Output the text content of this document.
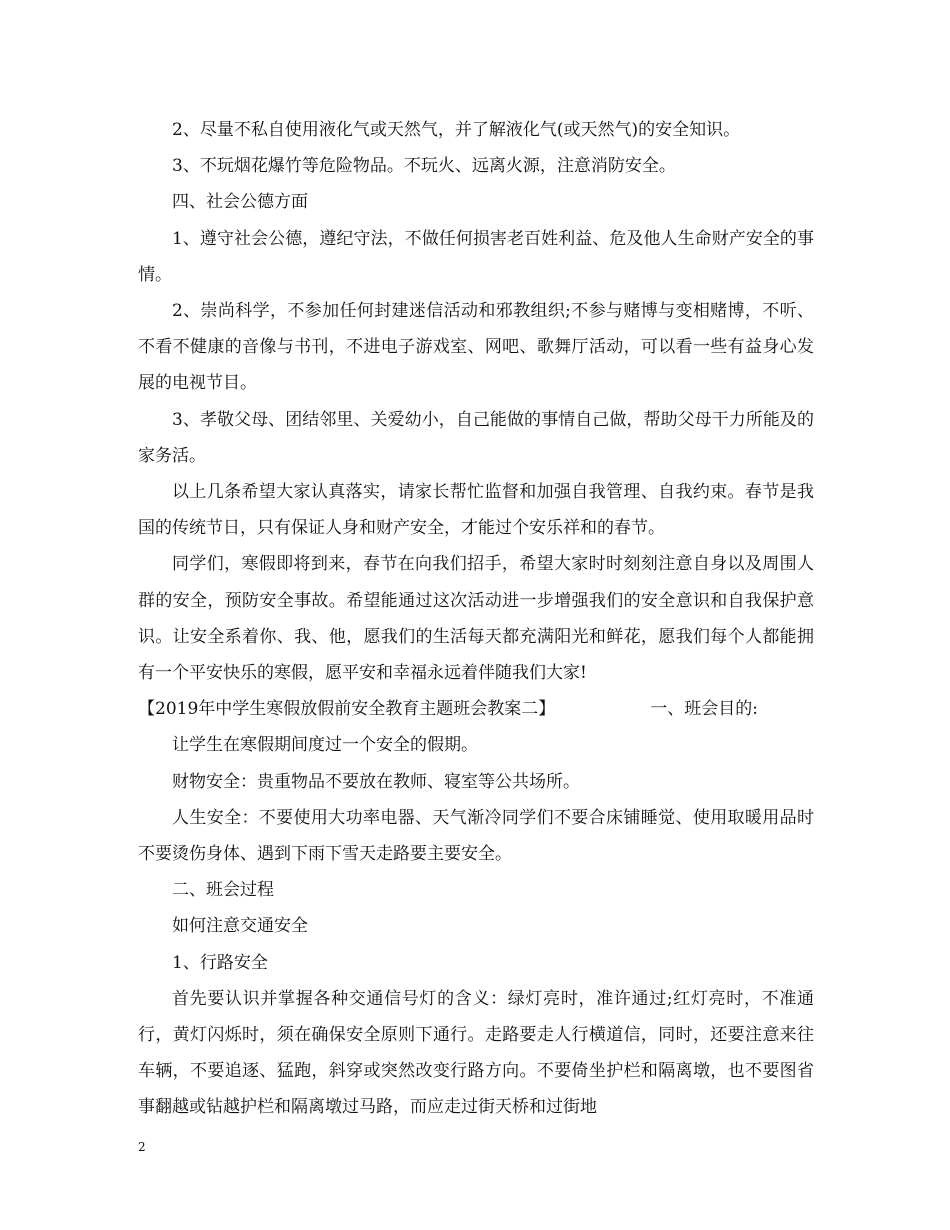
2、尽量不私自使用液化气或天然气，并了解液化气(或天然气)的安全知识。

3、不玩烟花爆竹等危险物品。不玩火、远离火源，注意消防安全。

四、社会公德方面

1、遵守社会公德，遵纪守法，不做任何损害老百姓利益、危及他人生命财产安全的事情。

2、崇尚科学，不参加任何封建迷信活动和邪教组织;不参与赌博与变相赌博，不听、不看不健康的音像与书刊，不进电子游戏室、网吧、歌舞厅活动，可以看一些有益身心发展的电视节目。

3、孝敬父母、团结邻里、关爱幼小，自己能做的事情自己做，帮助父母干力所能及的家务活。

以上几条希望大家认真落实，请家长帮忙监督和加强自我管理、自我约束。春节是我国的传统节日，只有保证人身和财产安全，才能过个安乐祥和的春节。

同学们，寒假即将到来，春节在向我们招手，希望大家时时刻刻注意自身以及周围人群的安全，预防安全事故。希望能通过这次活动进一步增强我们的安全意识和自我保护意识。让安全系着你、我、他，愿我们的生活每天都充满阳光和鲜花，愿我们每个人都能拥有一个平安快乐的寒假，愿平安和幸福永远着伴随我们大家!

【2019年中学生寒假放假前安全教育主题班会教案二】	一、班会目的:

让学生在寒假期间度过一个安全的假期。

财物安全：贵重物品不要放在教师、寝室等公共场所。

人生安全：不要使用大功率电器、天气渐冷同学们不要合床铺睡觉、使用取暖用品时不要烫伤身体、遇到下雨下雪天走路要主要安全。

二、班会过程

如何注意交通安全

1、行路安全

首先要认识并掌握各种交通信号灯的含义：绿灯亮时，准许通过;红灯亮时，不准通行，黄灯闪烁时，须在确保安全原则下通行。走路要走人行横道信，同时，还要注意来往车辆，不要追逐、猛跑，斜穿或突然改变行路方向。不要倚坐护栏和隔离墩，也不要图省事翻越或钻越护栏和隔离墩过马路，而应走过街天桥和过街地

2
